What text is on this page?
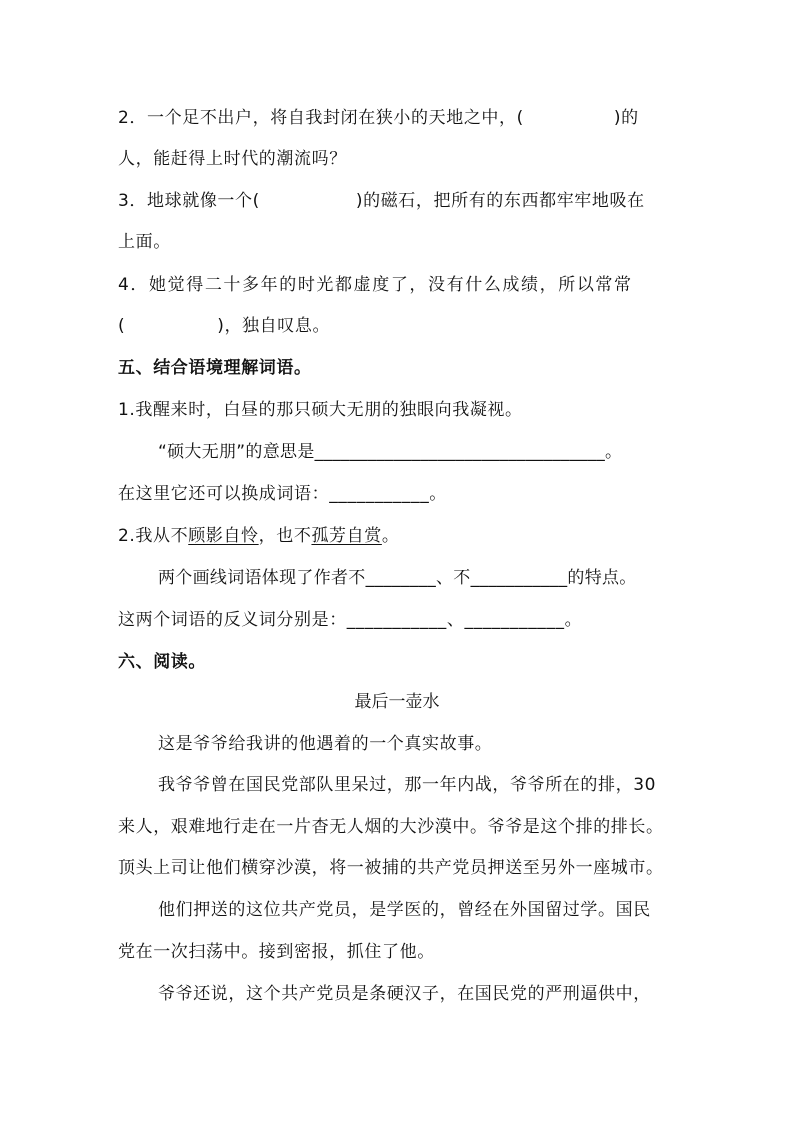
2．一个足不出户，将自我封闭在狭小的天地之中，(	)的
人，能赶得上时代的潮流吗？
3．地球就像一个(	)的磁石，把所有的东西都牢牢地吸在
上面。
4．她觉得二十多年的时光都虚度了，没有什么成绩，所以常常
(	)，独自叹息。
五、结合语境理解词语。
1.我醒来时，白昼的那只硕大无朋的独眼向我凝视。
“硕大无朋”的意思是_________________________________。
在这里它还可以换成词语：___________。
2.我从不顾影自怜，也不孤芳自赏。
两个画线词语体现了作者不________、不___________的特点。
这两个词语的反义词分别是：___________、___________。
六、阅读。
最后一壶水
这是爷爷给我讲的他遇着的一个真实故事。
我爷爷曾在国民党部队里呆过，那一年内战，爷爷所在的排，30
来人，艰难地行走在一片杳无人烟的大沙漠中。爷爷是这个排的排长。
顶头上司让他们横穿沙漠，将一被捕的共产党员押送至另外一座城市。
他们押送的这位共产党员，是学医的，曾经在外国留过学。国民
党在一次扫荡中。接到密报，抓住了他。
爷爷还说，这个共产党员是条硬汉子，在国民党的严刑逼供中，
